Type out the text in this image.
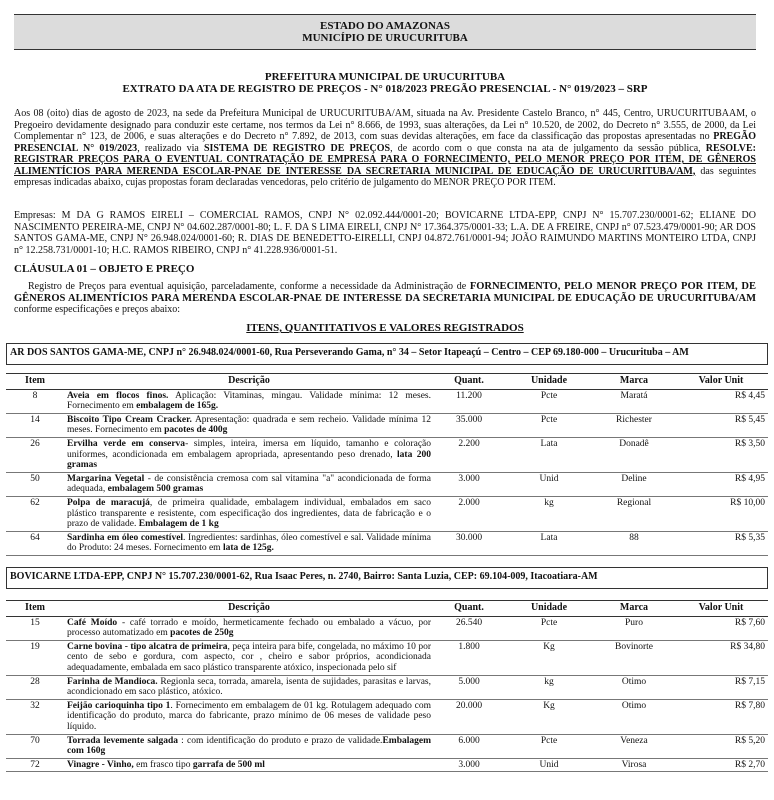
ESTADO DO AMAZONAS
MUNICÍPIO DE URUCURITUBA
PREFEITURA MUNICIPAL DE URUCURITUBA
EXTRATO DA ATA DE REGISTRO DE PREÇOS - N° 018/2023 PREGÃO PRESENCIAL - N° 019/2023 – SRP
Aos 08 (oito) dias de agosto de 2023, na sede da Prefeitura Municipal de URUCURITUBA/AM, situada na Av. Presidente Castelo Branco, n° 445, Centro, URUCURITUBAAM, o Pregoeiro devidamente designado para conduzir este certame, nos termos da Lei n° 8.666, de 1993, suas alterações, da Lei n° 10.520, de 2002, do Decreto n° 3.555, de 2000, da Lei Complementar n° 123, de 2006, e suas alterações e do Decreto n° 7.892, de 2013, com suas devidas alterações, em face da classificação das propostas apresentadas no PREGÃO PRESENCIAL N° 019/2023, realizado via SISTEMA DE REGISTRO DE PREÇOS, de acordo com o que consta na ata de julgamento da sessão pública, RESOLVE: REGISTRAR PREÇOS PARA O EVENTUAL CONTRATAÇÃO DE EMPRESA PARA O FORNECIMENTO, PELO MENOR PREÇO POR ITEM, DE GÊNEROS ALIMENTÍCIOS PARA MERENDA ESCOLAR-PNAE DE INTERESSE DA SECRETARIA MUNICIPAL DE EDUCAÇÃO DE URUCURITUBA/AM, das seguintes empresas indicadas abaixo, cujas propostas foram declaradas vencedoras, pelo critério de julgamento do MENOR PREÇO POR ITEM.
Empresas: M DA G RAMOS EIRELI – COMERCIAL RAMOS, CNPJ N° 02.092.444/0001-20; BOVICARNE LTDA-EPP, CNPJ N° 15.707.230/0001-62; ELIANE DO NASCIMENTO PEREIRA-ME, CNPJ N° 04.602.287/0001-80; L. F. DA S LIMA EIRELI, CNPJ N° 17.364.375/0001-33; L.A. DE A FREIRE, CNPJ n° 07.523.479/0001-90; AR DOS SANTOS GAMA-ME, CNPJ N° 26.948.024/0001-60; R. DIAS DE BENEDETTO-EIRELLI, CNPJ 04.872.761/0001-94; JOÃO RAIMUNDO MARTINS MONTEIRO LTDA, CNPJ n° 12.258.731/0001-10; H.C. RAMOS RIBEIRO, CNPJ n° 41.228.936/0001-51.
CLÁUSULA 01 – OBJETO E PREÇO
Registro de Preços para eventual aquisição, parceladamente, conforme a necessidade da Administração de FORNECIMENTO, PELO MENOR PREÇO POR ITEM, DE GÊNEROS ALIMENTÍCIOS PARA MERENDA ESCOLAR-PNAE DE INTERESSE DA SECRETARIA MUNICIPAL DE EDUCAÇÃO DE URUCURITUBA/AM conforme especificações e preços abaixo:
ITENS, QUANTITATIVOS E VALORES REGISTRADOS
AR DOS SANTOS GAMA-ME, CNPJ n° 26.948.024/0001-60, Rua Perseverando Gama, n° 34 – Setor Itapeaçú – Centro – CEP 69.180-000 – Urucurituba – AM
Item	Descrição	Quant.	Unidade	Marca	Valor Unit
8	Aveia em flocos finos. Aplicação: Vitaminas, mingau. Validade mínima: 12 meses. Fornecimento em embalagem de 165g.	11.200	Pcte	Maratá	R$ 4,45
14	Biscoito Tipo Cream Cracker. Apresentação: quadrada e sem recheio. Validade mínima 12 meses. Fornecimento em pacotes de 400g	35.000	Pcte	Richester	R$ 5,45
26	Ervilha verde em conserva- simples, inteira, imersa em líquido, tamanho e coloração uniformes, acondicionada em embalagem apropriada, apresentando peso drenado, lata 200 gramas	2.200	Lata	Donadê	R$ 3,50
50	Margarina Vegetal - de consistência cremosa com sal vitamina "a" acondicionada de forma adequada, embalagem 500 gramas	3.000	Unid	Deline	R$ 4,95
62	Polpa de maracujá, de primeira qualidade, embalagem individual, embalados em saco plástico transparente e resistente, com especificação dos ingredientes, data de fabricação e o prazo de validade. Embalagem de 1 kg	2.000	kg	Regional	R$ 10,00
64	Sardinha em óleo comestível. Ingredientes: sardinhas, óleo comestível e sal. Validade mínima do Produto: 24 meses. Fornecimento em lata de 125g.	30.000	Lata	88	R$ 5,35
BOVICARNE LTDA-EPP, CNPJ N° 15.707.230/0001-62, Rua Isaac Peres, n. 2740, Bairro: Santa Luzia, CEP: 69.104-009, Itacoatiara-AM
Item	Descrição	Quant.	Unidade	Marca	Valor Unit
15	Café Moído - café torrado e moído, hermeticamente fechado ou embalado a vácuo, por processo automatizado em pacotes de 250g	26.540	Pcte	Puro	R$ 7,60
19	Carne bovina - tipo alcatra de primeira, peça inteira para bife, congelada, no máximo 10 por cento de sebo e gordura, com aspecto, cor , cheiro e sabor próprios, acondicionada adequadamente, embalada em saco plástico transparente atóxico, inspecionada pelo sif	1.800	Kg	Bovinorte	R$ 34,80
28	Farinha de Mandioca. Regionla seca, torrada, amarela, isenta de sujidades, parasitas e larvas, acondicionado em saco plástico, atóxico.	5.000	kg	Otimo	R$ 7,15
32	Feijão carioquinha tipo 1. Fornecimento em embalagem de 01 kg. Rotulagem adequado com identificação do produto, marca do fabricante, prazo mínimo de 06 meses de validade peso líquido.	20.000	Kg	Otimo	R$ 7,80
70	Torrada levemente salgada : com identificação do produto e prazo de validade.Embalagem com 160g	6.000	Pcte	Veneza	R$ 5,20
72	Vinagre - Vinho, em frasco tipo garrafa de 500 ml	3.000	Unid	Virosa	R$ 2,70
